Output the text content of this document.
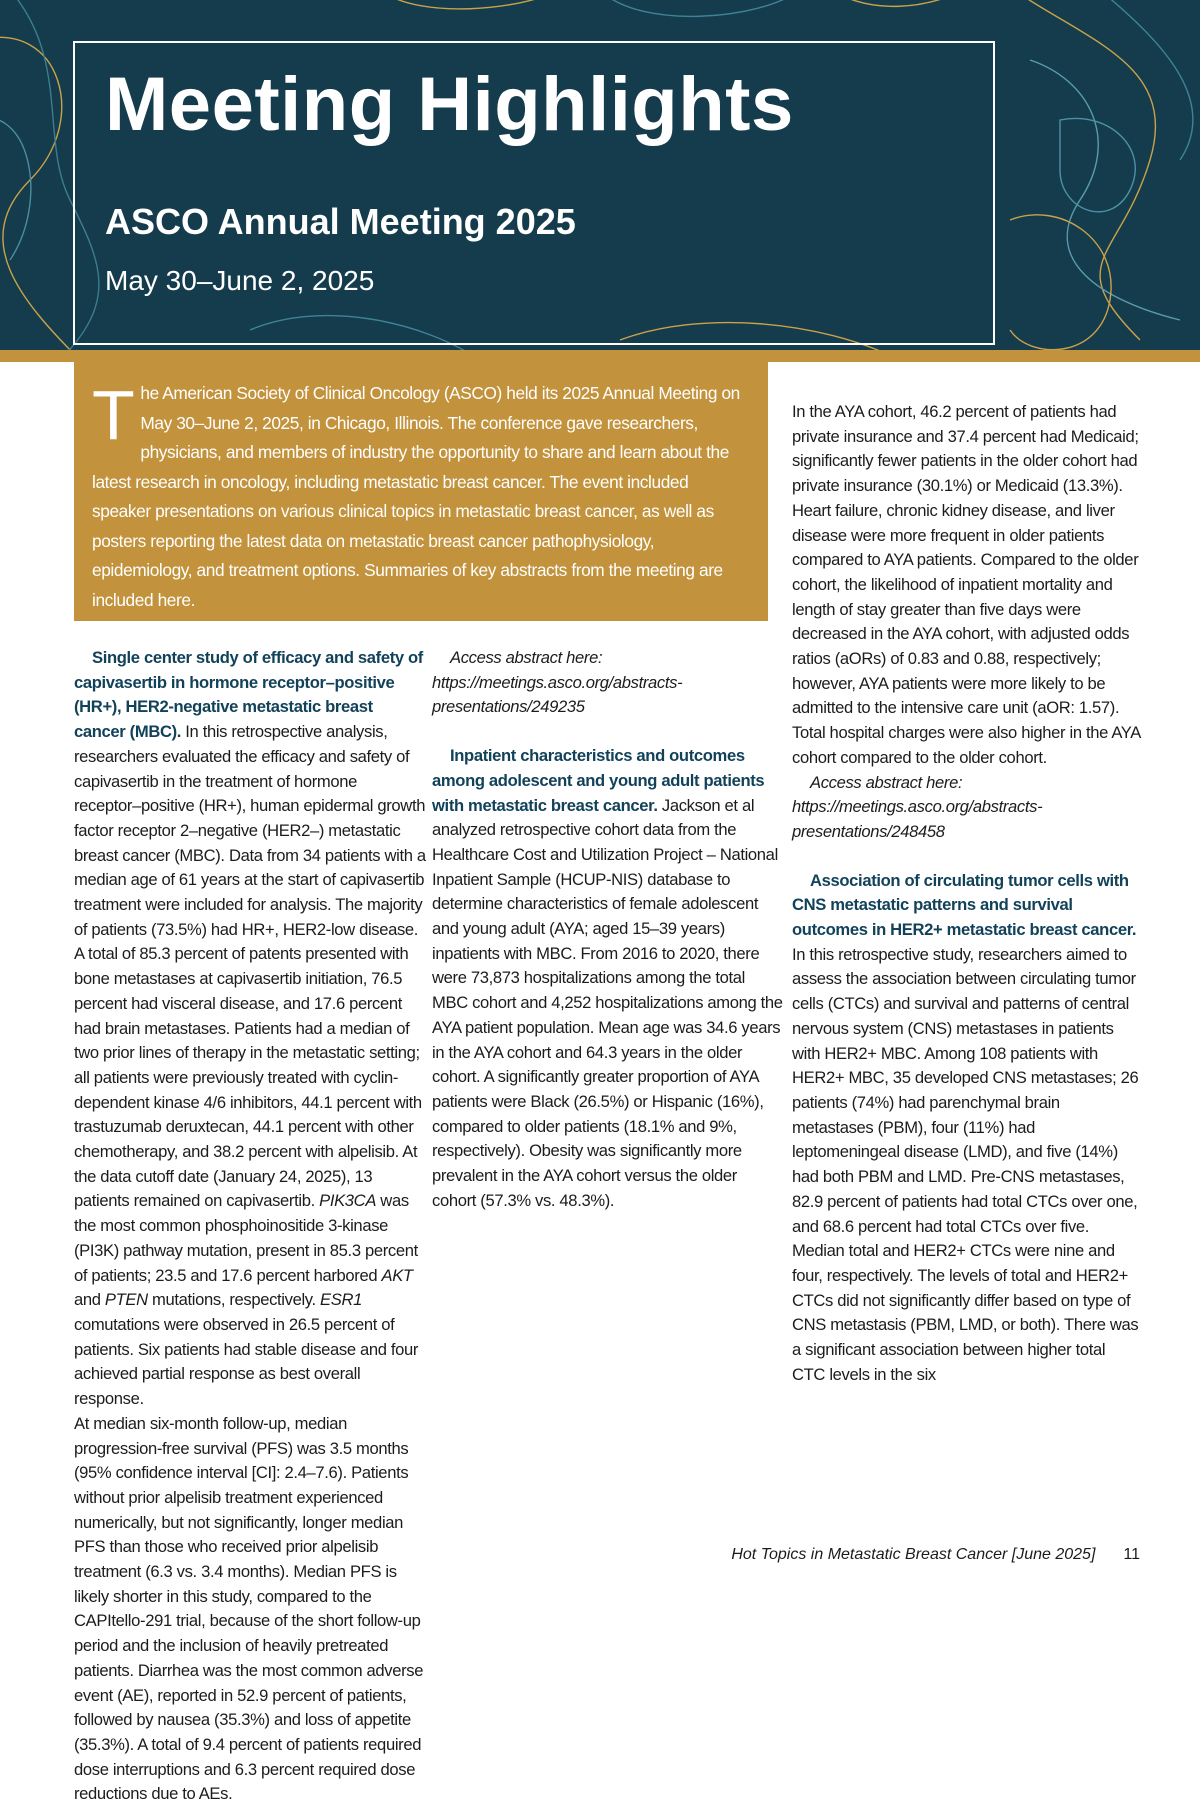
Meeting Highlights
ASCO Annual Meeting 2025

May 30–June 2, 2025

The American Society of Clinical Oncology (ASCO) held its 2025 Annual Meeting on May 30–June 2, 2025, in Chicago, Illinois. The conference gave researchers, physicians, and members of industry the opportunity to share and learn about the latest research in oncology, including metastatic breast cancer. The event included speaker presentations on various clinical topics in metastatic breast cancer, as well as posters reporting the latest data on metastatic breast cancer pathophysiology, epidemiology, and treatment options. Summaries of key abstracts from the meeting are included here.

Single center study of efficacy and safety of capivasertib in hormone receptor–positive (HR+), HER2-negative metastatic breast cancer (MBC). In this retrospective analysis, researchers evaluated the efficacy and safety of capivasertib in the treatment of hormone receptor–positive (HR+), human epidermal growth factor receptor 2–negative (HER2–) metastatic breast cancer (MBC). Data from 34 patients with a median age of 61 years at the start of capivasertib treatment were included for analysis. The majority of patients (73.5%) had HR+, HER2-low disease. A total of 85.3 percent of patents presented with bone metastases at capivasertib initiation, 76.5 percent had visceral disease, and 17.6 percent had brain metastases. Patients had a median of two prior lines of therapy in the metastatic setting; all patients were previously treated with cyclin-dependent kinase 4/6 inhibitors, 44.1 percent with trastuzumab deruxtecan, 44.1 percent with other chemotherapy, and 38.2 percent with alpelisib. At the data cutoff date (January 24, 2025), 13 patients remained on capivasertib. PIK3CA was the most common phosphoinositide 3-kinase (PI3K) pathway mutation, present in 85.3 percent of patients; 23.5 and 17.6 percent harbored AKT and PTEN mutations, respectively. ESR1 comutations were observed in 26.5 percent of patients. Six patients had stable disease and four achieved partial response as best overall response.

At median six-month follow-up, median progression-free survival (PFS) was 3.5 months (95% confidence interval [CI]: 2.4–7.6). Patients without prior alpelisib treatment experienced numerically, but not significantly, longer median PFS than those who received prior alpelisib treatment (6.3 vs. 3.4 months). Median PFS is likely shorter in this study, compared to the CAPItello-291 trial, because of the short follow-up period and the inclusion of heavily pretreated patients. Diarrhea was the most common adverse event (AE), reported in 52.9 percent of patients, followed by nausea (35.3%) and loss of appetite (35.3%). A total of 9.4 percent of patients required dose interruptions and 6.3 percent required dose reductions due to AEs.

Access abstract here: https://meetings.asco.org/abstracts-presentations/249235

Inpatient characteristics and outcomes among adolescent and young adult patients with metastatic breast cancer. Jackson et al analyzed retrospective cohort data from the Healthcare Cost and Utilization Project – National Inpatient Sample (HCUP-NIS) database to determine characteristics of female adolescent and young adult (AYA; aged 15–39 years) inpatients with MBC. From 2016 to 2020, there were 73,873 hospitalizations among the total MBC cohort and 4,252 hospitalizations among the AYA patient population. Mean age was 34.6 years in the AYA cohort and 64.3 years in the older cohort. A significantly greater proportion of AYA patients were Black (26.5%) or Hispanic (16%), compared to older patients (18.1% and 9%, respectively). Obesity was significantly more prevalent in the AYA cohort versus the older cohort (57.3% vs. 48.3%).

In the AYA cohort, 46.2 percent of patients had private insurance and 37.4 percent had Medicaid; significantly fewer patients in the older cohort had private insurance (30.1%) or Medicaid (13.3%). Heart failure, chronic kidney disease, and liver disease were more frequent in older patients compared to AYA patients. Compared to the older cohort, the likelihood of inpatient mortality and length of stay greater than five days were decreased in the AYA cohort, with adjusted odds ratios (aORs) of 0.83 and 0.88, respectively; however, AYA patients were more likely to be admitted to the intensive care unit (aOR: 1.57). Total hospital charges were also higher in the AYA cohort compared to the older cohort.

Access abstract here: https://meetings.asco.org/abstracts-presentations/248458

Association of circulating tumor cells with CNS metastatic patterns and survival outcomes in HER2+ metastatic breast cancer. In this retrospective study, researchers aimed to assess the association between circulating tumor cells (CTCs) and survival and patterns of central nervous system (CNS) metastases in patients with HER2+ MBC. Among 108 patients with HER2+ MBC, 35 developed CNS metastases; 26 patients (74%) had parenchymal brain metastases (PBM), four (11%) had leptomeningeal disease (LMD), and five (14%) had both PBM and LMD. Pre-CNS metastases, 82.9 percent of patients had total CTCs over one, and 68.6 percent had total CTCs over five. Median total and HER2+ CTCs were nine and four, respectively. The levels of total and HER2+ CTCs did not significantly differ based on type of CNS metastasis (PBM, LMD, or both). There was a significant association between higher total CTC levels in the six

Hot Topics in Metastatic Breast Cancer [June 2025] 11
